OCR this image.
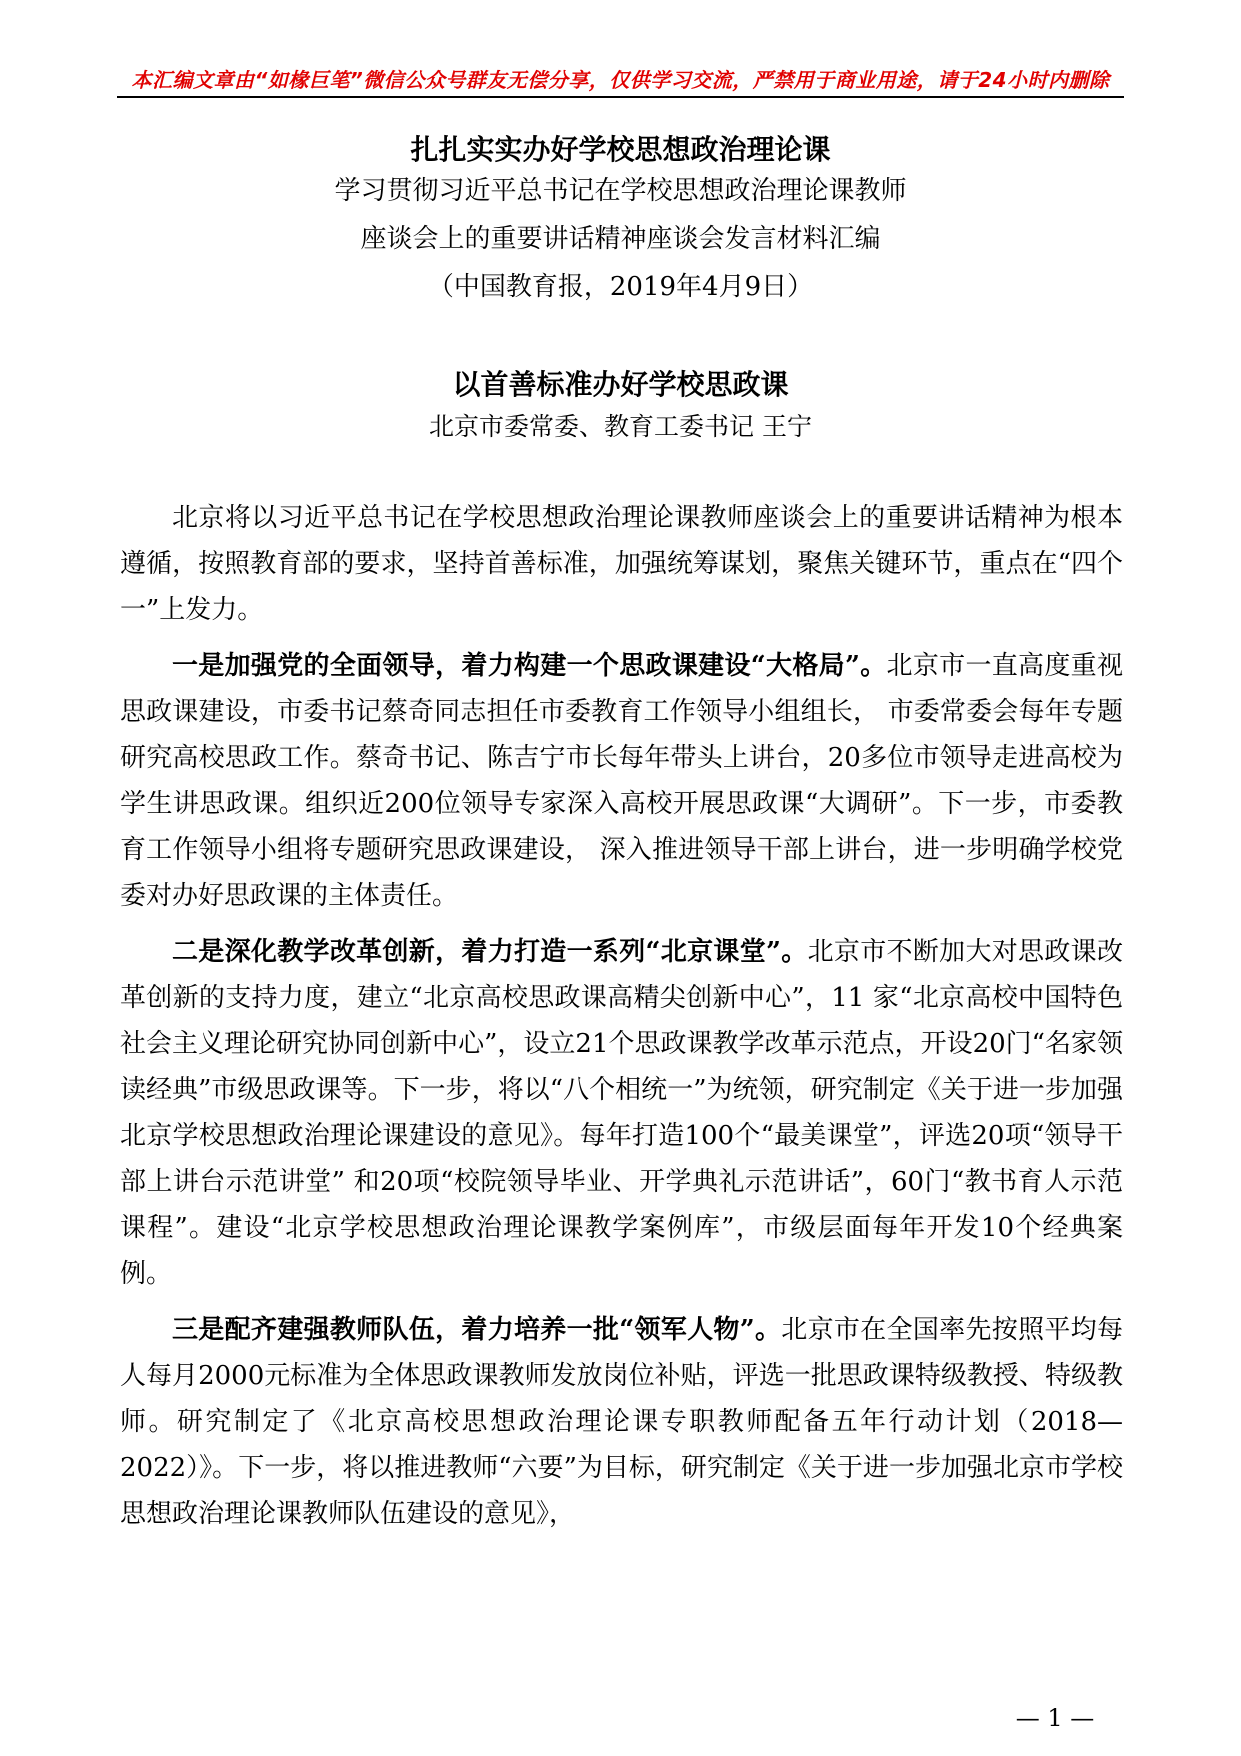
本汇编文章由“如椽巨笔”微信公众号群友无偿分享，仅供学习交流，严禁用于商业用途，请于24小时内删除
扎扎实实办好学校思想政治理论课
学习贯彻习近平总书记在学校思想政治理论课教师
座谈会上的重要讲话精神座谈会发言材料汇编
（中国教育报，2019年4月9日）
以首善标准办好学校思政课
北京市委常委、教育工委书记 王宁

北京将以习近平总书记在学校思想政治理论课教师座谈会上的重要讲话精神为根本遵循，按照教育部的要求，坚持首善标准，加强统筹谋划，聚焦关键环节，重点在“四个一”上发力。

一是加强党的全面领导，着力构建一个思政课建设“大格局”。北京市一直高度重视思政课建设，市委书记蔡奇同志担任市委教育工作领导小组组长， 市委常委会每年专题研究高校思政工作。蔡奇书记、陈吉宁市长每年带头上讲台，20多位市领导走进高校为学生讲思政课。组织近200位领导专家深入高校开展思政课“大调研”。下一步，市委教育工作领导小组将专题研究思政课建设， 深入推进领导干部上讲台，进一步明确学校党委对办好思政课的主体责任。

二是深化教学改革创新，着力打造一系列“北京课堂”。北京市不断加大对思政课改革创新的支持力度，建立“北京高校思政课高精尖创新中心”，11 家“北京高校中国特色社会主义理论研究协同创新中心”，设立21个思政课教学改革示范点，开设20门“名家领读经典”市级思政课等。下一步，将以“八个相统一”为统领，研究制定《关于进一步加强北京学校思想政治理论课建设的意见》。每年打造100个“最美课堂”，评选20项“领导干部上讲台示范讲堂” 和20项“校院领导毕业、开学典礼示范讲话”，60门“教书育人示范课程”。建设“北京学校思想政治理论课教学案例库”，市级层面每年开发10个经典案例。

三是配齐建强教师队伍，着力培养一批“领军人物”。北京市在全国率先按照平均每人每月2000元标准为全体思政课教师发放岗位补贴，评选一批思政课特级教授、特级教师。研究制定了《北京高校思想政治理论课专职教师配备五年行动计划（2018—2022）》。下一步，将以推进教师“六要”为目标，研究制定《关于进一步加强北京市学校思想政治理论课教师队伍建设的意见》，

— 1 —
